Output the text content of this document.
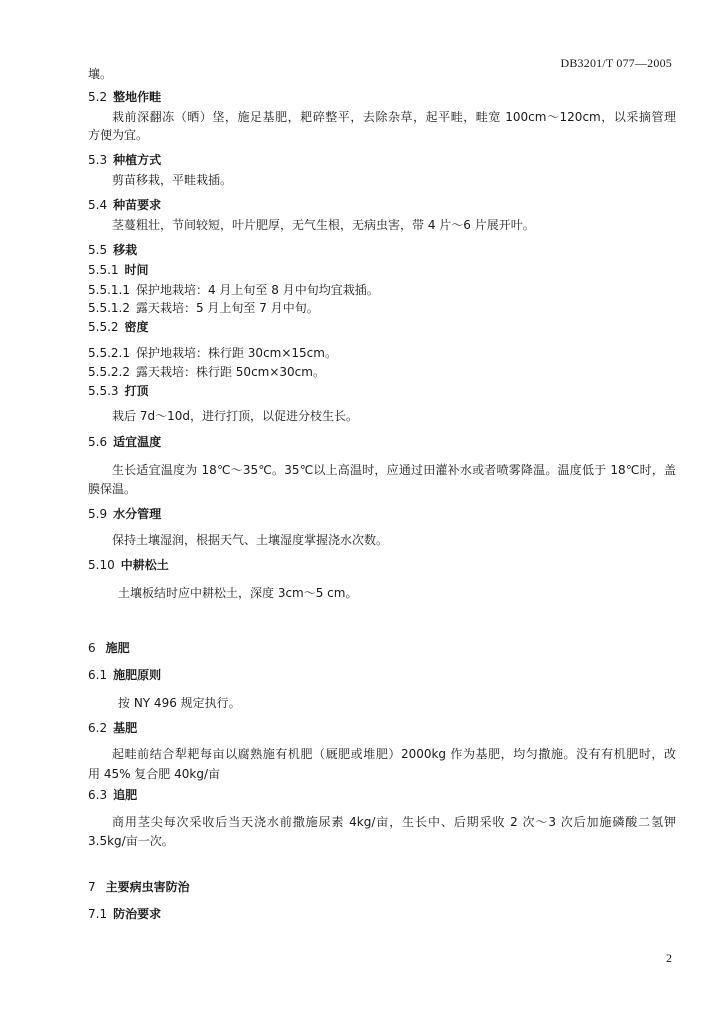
DB3201/T 077—2005
壤。
5.2 整地作畦
栽前深翻冻（晒）垡，施足基肥，耙碎整平，去除杂草，起平畦，畦宽 100cm～120cm，以采摘管理
方便为宜。
5.3 种植方式
剪苗移栽，平畦栽插。
5.4 种苗要求
茎蔓粗壮，节间较短，叶片肥厚，无气生根，无病虫害，带 4 片～6 片展开叶。
5.5 移栽
5.5.1 时间
5.5.1.1 保护地栽培：4 月上旬至 8 月中旬均宜栽插。
5.5.1.2 露天栽培：5 月上旬至 7 月中旬。
5.5.2 密度
5.5.2.1 保护地栽培：株行距 30cm×15cm。
5.5.2.2 露天栽培：株行距 50cm×30cm。
5.5.3 打顶
栽后 7d～10d，进行打顶，以促进分枝生长。
5.6 适宜温度
生长适宜温度为 18℃～35℃。35℃以上高温时，应通过田灌补水或者喷雾降温。温度低于 18℃时，盖
膜保温。
5.9 水分管理
保持土壤湿润，根据天气、土壤湿度掌握浇水次数。
5.10 中耕松土
土壤板结时应中耕松土，深度 3cm～5 cm。
6 施肥
6.1 施肥原则
按 NY 496 规定执行。
6.2 基肥
起畦前结合犁耙每亩以腐熟施有机肥（厩肥或堆肥）2000kg 作为基肥，均匀撒施。没有有机肥时，改
用 45% 复合肥 40kg/亩
6.3 追肥
商用茎尖每次采收后当天浇水前撒施尿素 4kg/亩，生长中、后期采收 2 次～3 次后加施磷酸二氢钾
3.5kg/亩一次。
7 主要病虫害防治
7.1 防治要求
2
